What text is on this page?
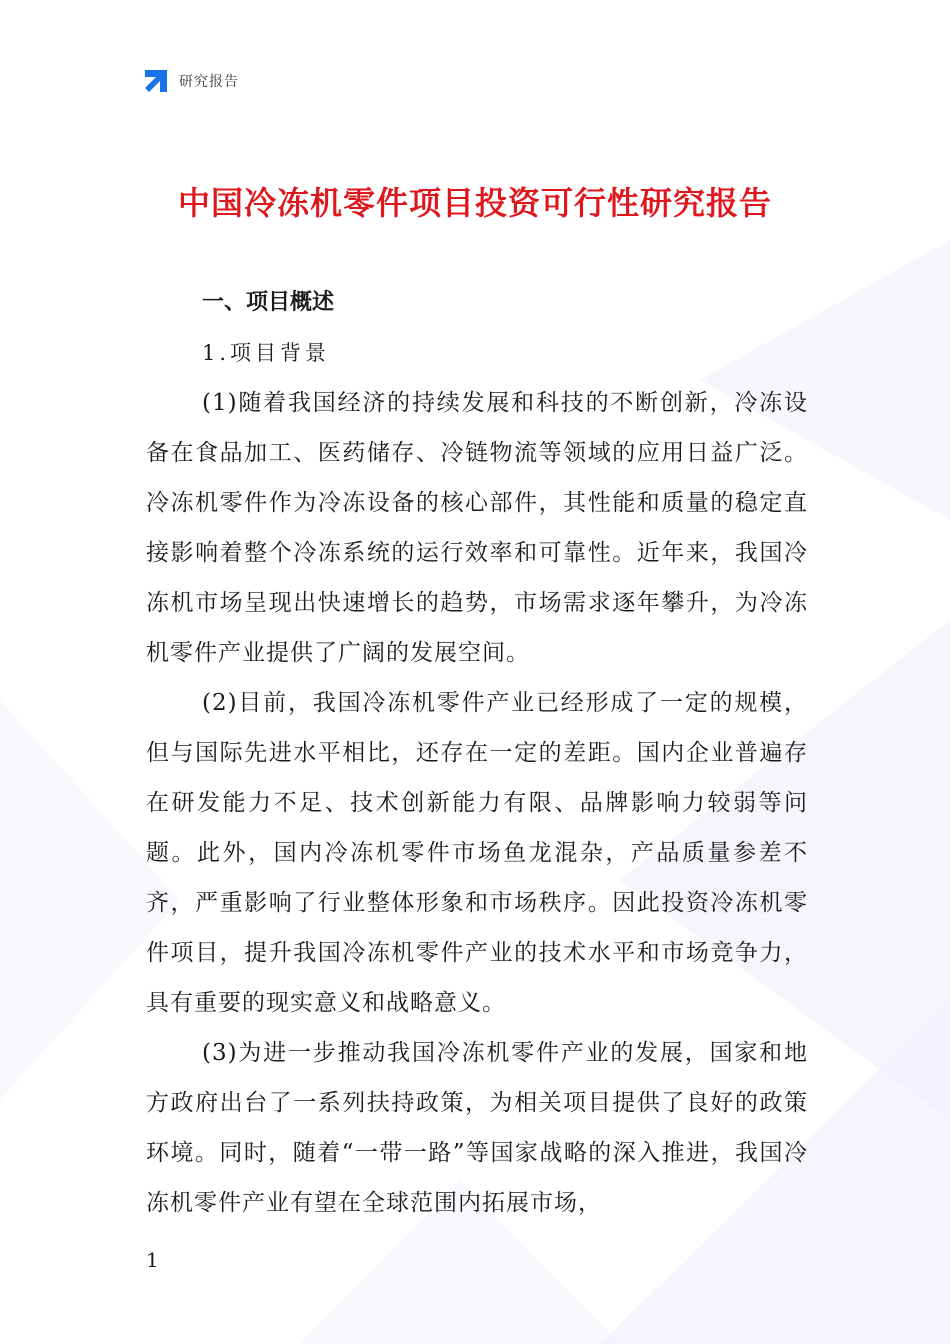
研究报告
中国冷冻机零件项目投资可行性研究报告
一、项目概述
1.项目背景

(1)随着我国经济的持续发展和科技的不断创新，冷冻设备在食品加工、医药储存、冷链物流等领域的应用日益广泛。冷冻机零件作为冷冻设备的核心部件，其性能和质量的稳定直接影响着整个冷冻系统的运行效率和可靠性。近年来，我国冷冻机市场呈现出快速增长的趋势，市场需求逐年攀升，为冷冻机零件产业提供了广阔的发展空间。

(2)目前，我国冷冻机零件产业已经形成了一定的规模，但与国际先进水平相比，还存在一定的差距。国内企业普遍存在研发能力不足、技术创新能力有限、品牌影响力较弱等问题。此外，国内冷冻机零件市场鱼龙混杂，产品质量参差不齐，严重影响了行业整体形象和市场秩序。因此投资冷冻机零件项目，提升我国冷冻机零件产业的技术水平和市场竞争力，具有重要的现实意义和战略意义。

(3)为进一步推动我国冷冻机零件产业的发展，国家和地方政府出台了一系列扶持政策，为相关项目提供了良好的政策环境。同时，随着“一带一路”等国家战略的深入推进，我国冷冻机零件产业有望在全球范围内拓展市场，

1
